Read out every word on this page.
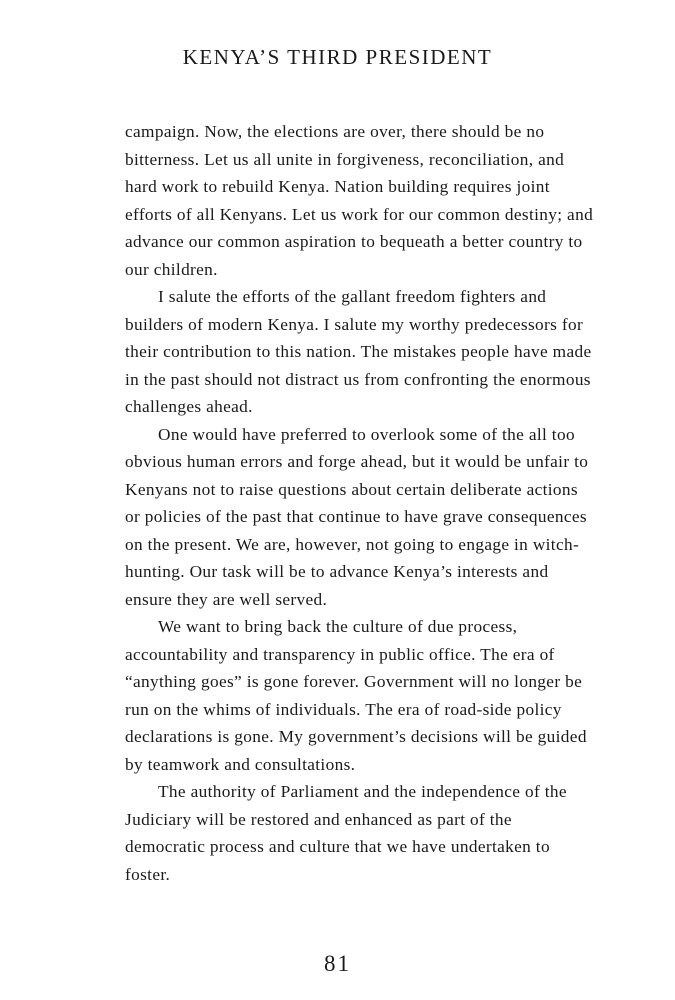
KENYA’S THIRD PRESIDENT

campaign. Now, the elections are over, there should be no bitterness. Let us all unite in forgiveness, reconciliation, and hard work to rebuild Kenya. Nation building requires joint efforts of all Kenyans. Let us work for our common destiny; and advance our common aspiration to bequeath a better country to our children.

I salute the efforts of the gallant freedom fighters and builders of modern Kenya. I salute my worthy predecessors for their contribution to this nation. The mistakes people have made in the past should not distract us from confronting the enormous challenges ahead.

One would have preferred to overlook some of the all too obvious human errors and forge ahead, but it would be unfair to Kenyans not to raise questions about certain deliberate actions or policies of the past that continue to have grave consequences on the present. We are, however, not going to engage in witch-hunting. Our task will be to advance Kenya’s interests and ensure they are well served.

We want to bring back the culture of due process, accountability and transparency in public office. The era of “anything goes” is gone forever. Government will no longer be run on the whims of individuals. The era of road-side policy declarations is gone. My government’s decisions will be guided by teamwork and consultations.

The authority of Parliament and the independence of the Judiciary will be restored and enhanced as part of the democratic process and culture that we have undertaken to foster.

81
